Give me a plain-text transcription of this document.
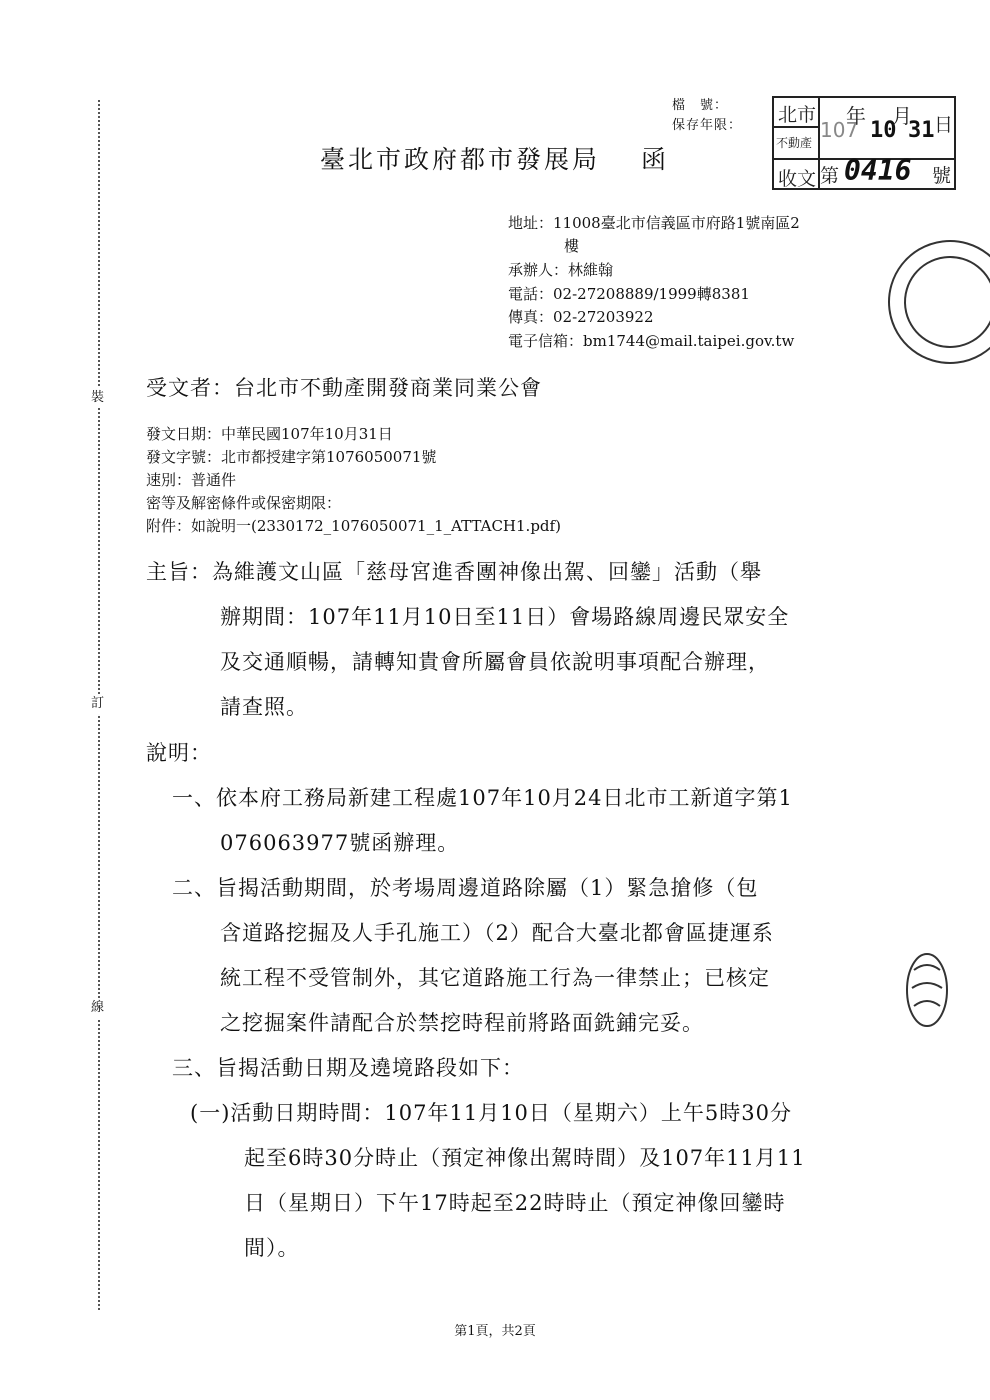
裝
訂
線
檔　號：
保存年限： 北市
不動產
收文
107
年
10
月
31 日
第 0416 號
臺北市政府都市發展局 函
地址：11008臺北市信義區市府路1號南區2
樓
承辦人：林維翰
電話：02-27208889/1999轉8381
傳真：02-27203922
電子信箱：bm1744@mail.taipei.gov.tw
受文者：台北市不動產開發商業同業公會
發文日期：中華民國107年10月31日
發文字號：北市都授建字第1076050071號
速別：普通件
密等及解密條件或保密期限：
附件：如說明一(2330172_1076050071_1_ATTACH1.pdf)
主旨：為維護文山區「慈母宮進香團神像出駕、回鑾」活動（舉
辦期間：107年11月10日至11日）會場路線周邊民眾安全
及交通順暢，請轉知貴會所屬會員依說明事項配合辦理，
請查照。
說明：
一、依本府工務局新建工程處107年10月24日北市工新道字第1
076063977號函辦理。
二、旨揭活動期間，於考場周邊道路除屬（1）緊急搶修（包
含道路挖掘及人手孔施工）（2）配合大臺北都會區捷運系
統工程不受管制外，其它道路施工行為一律禁止；已核定
之挖掘案件請配合於禁挖時程前將路面銑鋪完妥。
三、旨揭活動日期及遶境路段如下：
(一)活動日期時間：107年11月10日（星期六）上午5時30分
起至6時30分時止（預定神像出駕時間）及107年11月11
日（星期日）下午17時起至22時時止（預定神像回鑾時
間）。
第1頁，共2頁
